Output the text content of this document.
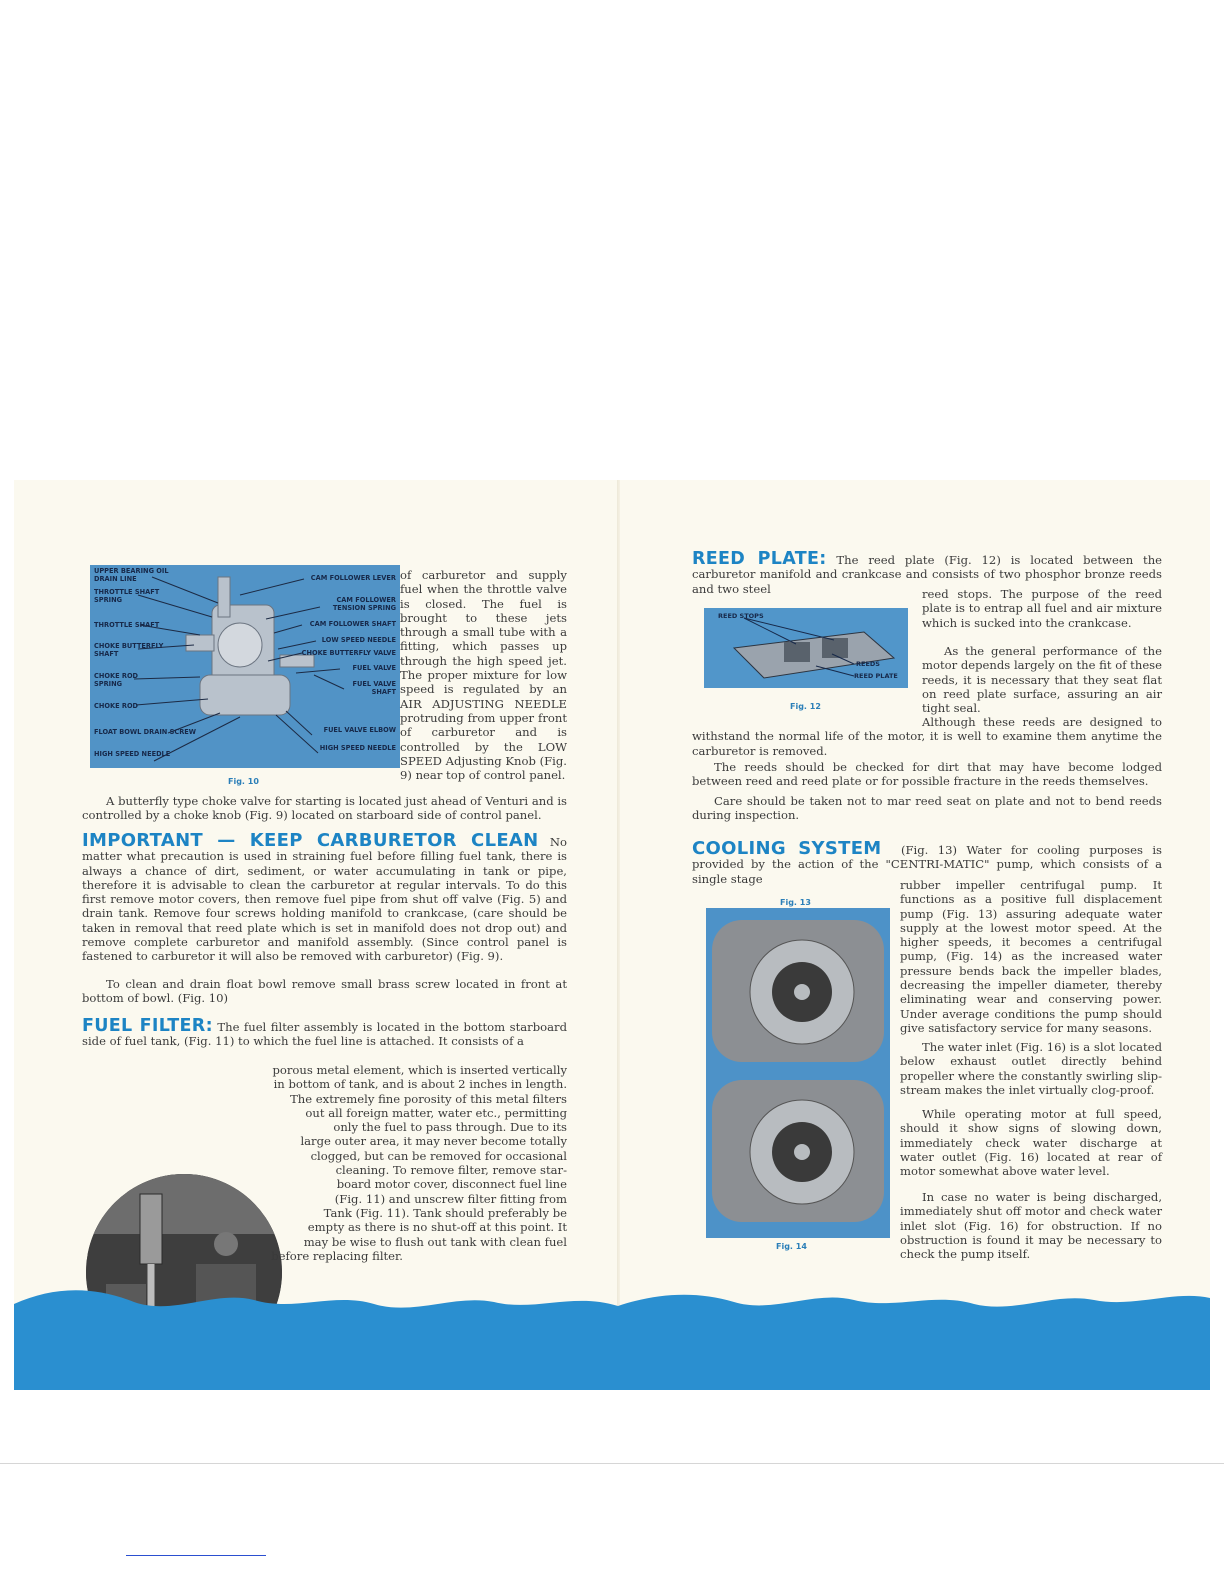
UPPER BEARING OIL DRAIN LINE
THROTTLE SHAFT SPRING
THROTTLE SHAFT
CHOKE BUTTERFLY SHAFT
CHOKE ROD SPRING
CHOKE ROD
FLOAT BOWL DRAIN SCREW
HIGH SPEED NEEDLE
CAM FOLLOWER LEVER
CAM FOLLOWER TENSION SPRING
CAM FOLLOWER SHAFT
LOW SPEED NEEDLE
CHOKE BUTTERFLY VALVE
FUEL VALVE
FUEL VALVE SHAFT
FUEL VALVE ELBOW
HIGH SPEED NEEDLE
Fig. 10

of carburetor and supply fuel when the throttle valve is closed. The fuel is brought to these jets through a small tube with a fitting, which passes up through the high speed jet. The proper mixture for low speed is regulated by an AIR ADJUSTING NEEDLE protruding from upper front of carburetor and is controlled by the LOW SPEED Adjusting Knob (Fig. 9) near top of control panel.

A butterfly type choke valve for starting is located just ahead of Venturi and is controlled by a choke knob (Fig. 9) located on starboard side of control panel.

IMPORTANT — KEEP CARBURETOR CLEAN No matter what precaution is used in straining fuel before filling fuel tank, there is always a chance of dirt, sediment, or water accumulating in tank or pipe, therefore it is advisable to clean the carburetor at regular intervals. To do this first remove motor covers, then remove fuel pipe from shut off valve (Fig. 5) and drain tank. Remove four screws holding manifold to crankcase, (care should be taken in removal that reed plate which is set in manifold does not drop out) and remove complete carburetor and manifold assembly. (Since control panel is fastened to carburetor it will also be removed with carburetor) (Fig. 9).

To clean and drain float bowl remove small brass screw located in front at bottom of bowl. (Fig. 10)

FUEL FILTER: The fuel filter assembly is located in the bottom starboard side of fuel tank, (Fig. 11) to which the fuel line is attached. It consists of a

porous metal element, which is inserted vertically
in bottom of tank, and is about 2 inches in length.
The extremely fine porosity of this metal filters
out all foreign matter, water etc., permitting
only the fuel to pass through. Due to its
large outer area, it may never become totally
clogged, but can be removed for occasional
cleaning. To remove filter, remove star-
board motor cover, disconnect fuel line
(Fig. 11) and unscrew filter fitting from
Tank (Fig. 11). Tank should preferably be
empty as there is no shut-off at this point. It
may be wise to flush out tank with clean fuel
before replacing filter.

REED PLATE: The reed plate (Fig. 12) is located between the carburetor manifold and crankcase and consists of two phosphor bronze reeds and two steel

REED STOPS
REEDS
REED PLATE
Fig. 12

reed stops. The purpose of the reed plate is to entrap all fuel and air mixture which is sucked into the crankcase.

As the general performance of the motor depends largely on the fit of these reeds, it is necessary that they seat flat on reed plate surface, assuring an air tight seal.

Although these reeds are designed to withstand the normal life of the motor, it is well to examine them anytime the carburetor is removed.

The reeds should be checked for dirt that may have become lodged between reed and reed plate or for possible fracture in the reeds themselves.

Care should be taken not to mar reed seat on plate and not to bend reeds during inspection.

COOLING SYSTEM (Fig. 13) Water for cooling purposes is provided by the action of the "CENTRI-MATIC" pump, which consists of a single stage

Fig. 13
Fig. 14

rubber impeller centrifugal pump. It functions as a positive full displacement pump (Fig. 13) assuring adequate water supply at the lowest motor speed. At the higher speeds, it becomes a centrifugal pump, (Fig. 14) as the increased water pressure bends back the impeller blades, decreasing the impeller diameter, thereby eliminating wear and conserving power. Under average conditions the pump should give satisfactory service for many seasons.

The water inlet (Fig. 16) is a slot located below exhaust outlet directly behind propeller where the constantly swirling slip-stream makes the inlet virtually clog-proof.

While operating motor at full speed, should it show signs of slowing down, immediately check water discharge at water outlet (Fig. 16) located at rear of motor somewhat above water level.

In case no water is being discharged, immediately shut off motor and check water inlet slot (Fig. 16) for obstruction. If no obstruction is found it may be necessary to check the pump itself.
